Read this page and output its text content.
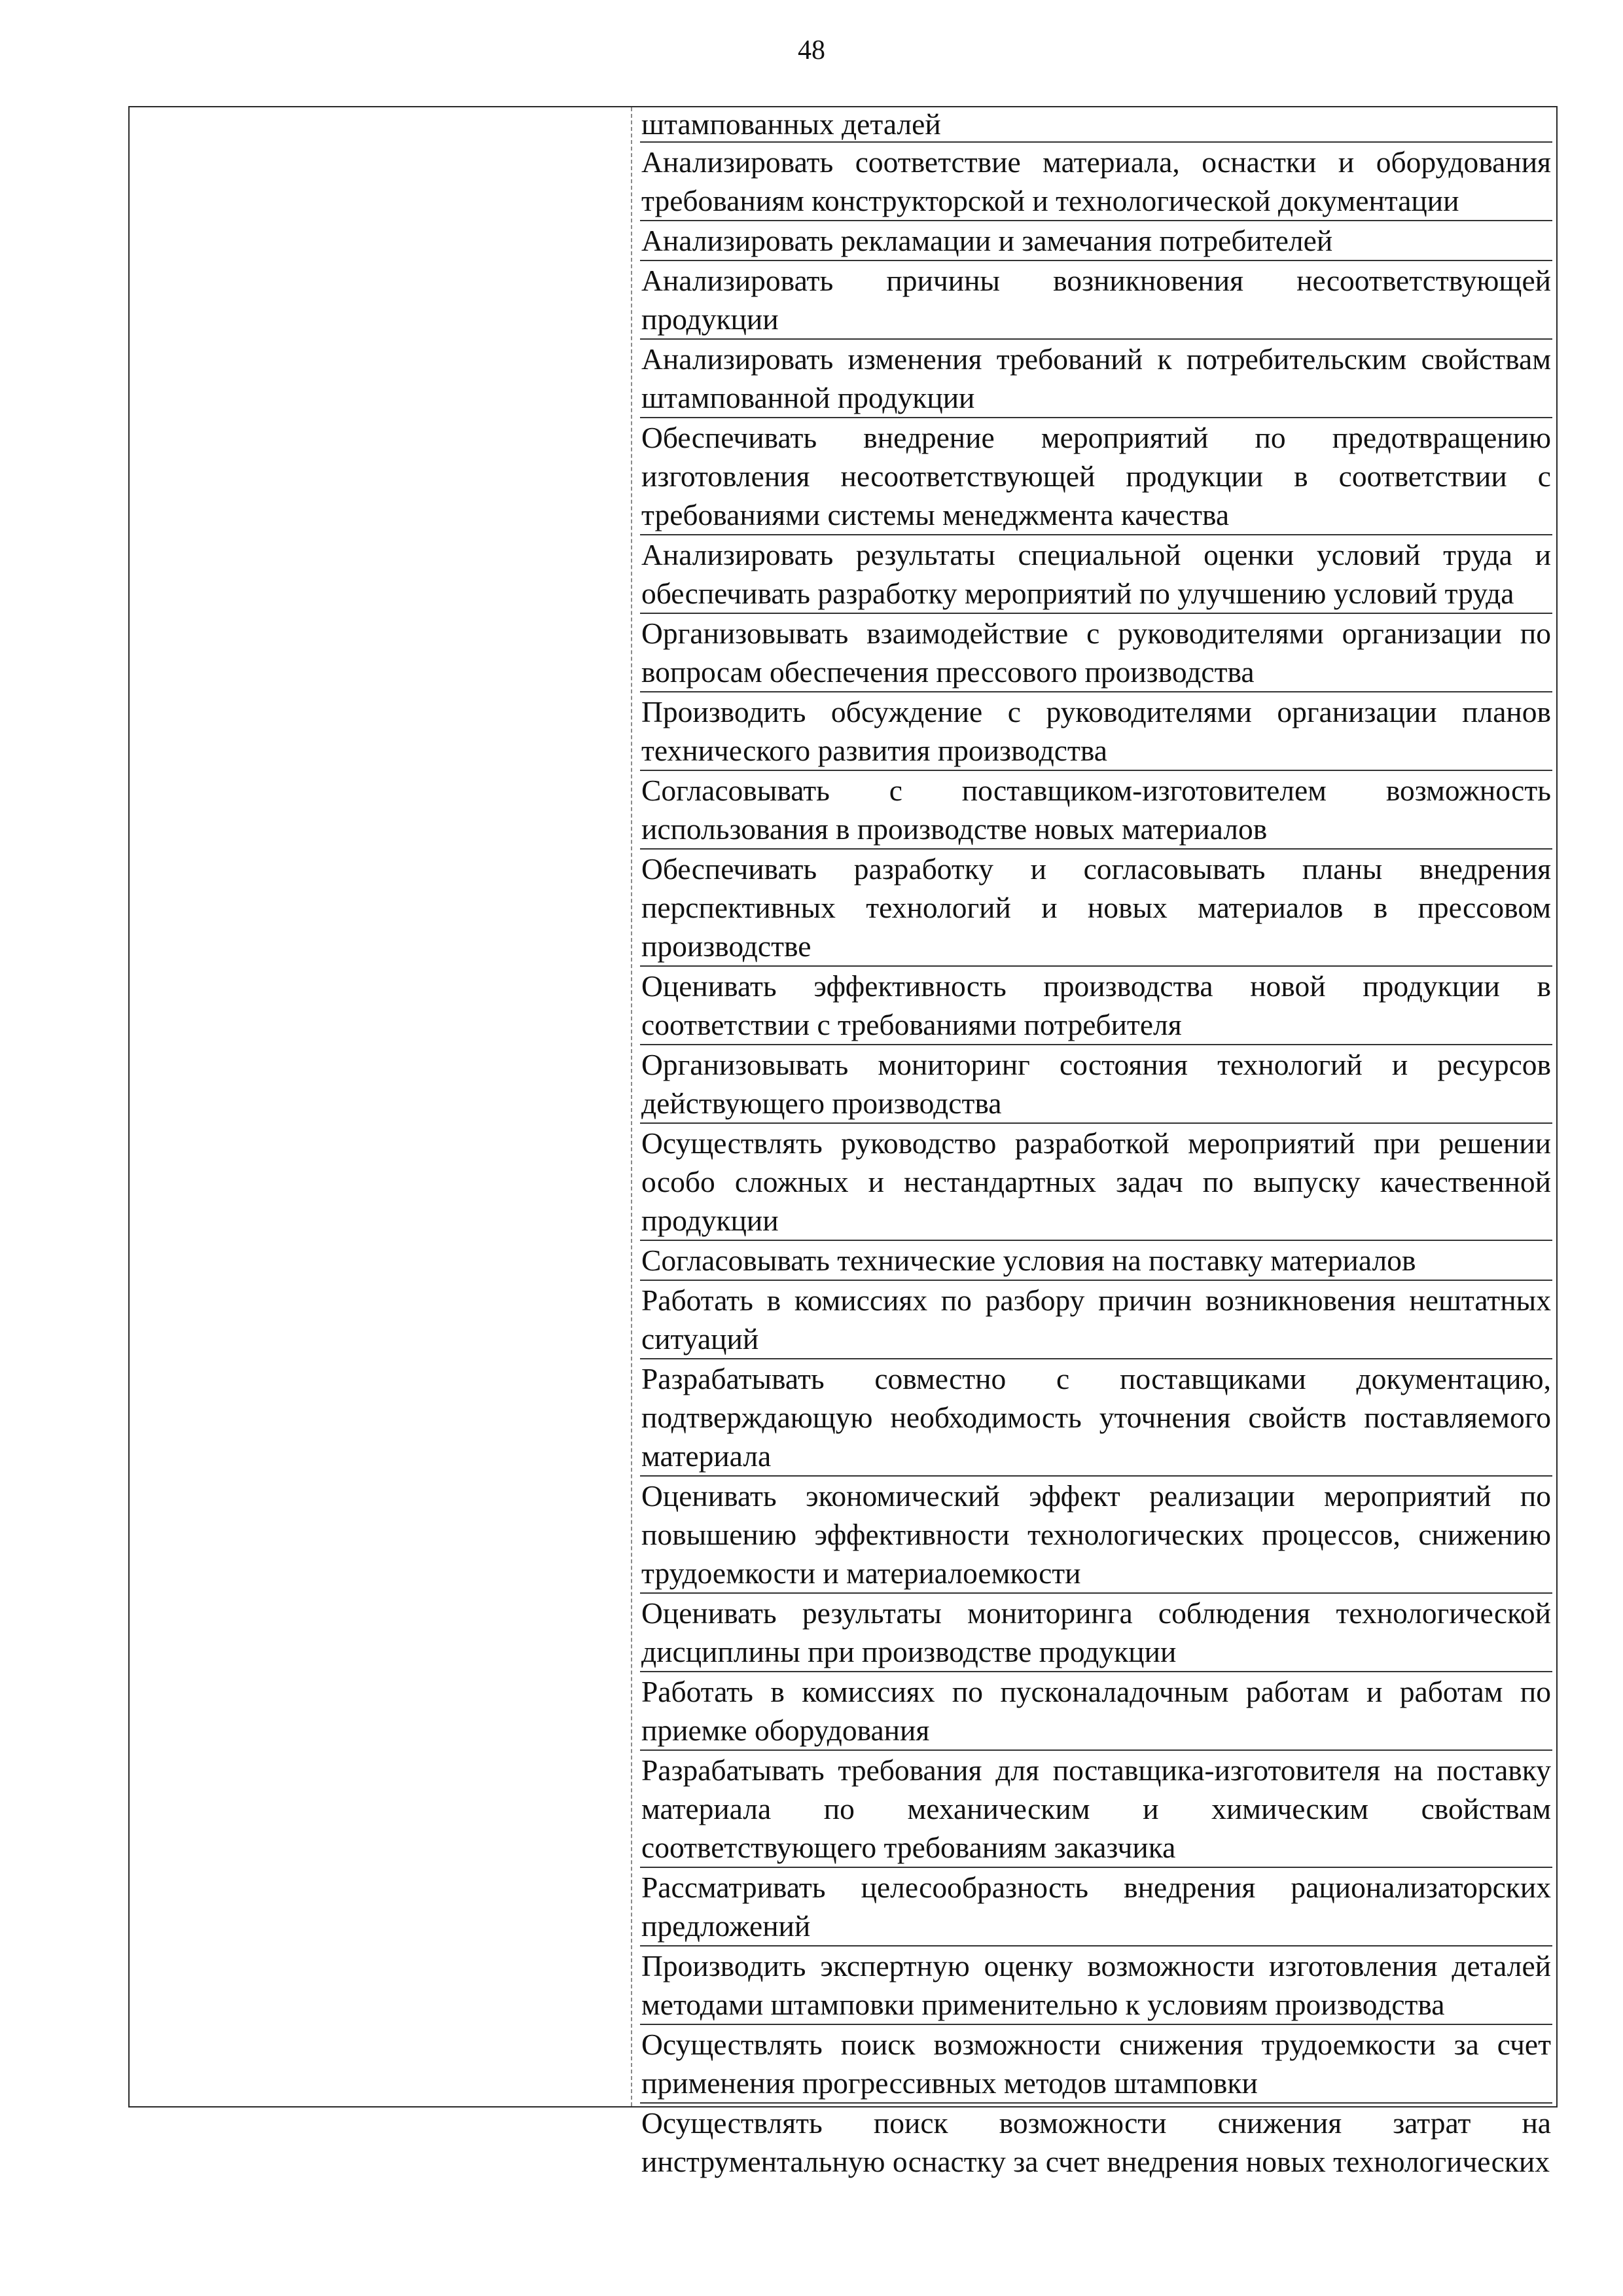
48
штампованных деталей
Анализировать соответствие материала, оснастки и оборудования требованиям конструкторской и технологической документации
Анализировать рекламации и замечания потребителей
Анализировать причины возникновения несоответствующей продукции
Анализировать изменения требований к потребительским свойствам штампованной продукции
Обеспечивать внедрение мероприятий по предотвращению изготовления несоответствующей продукции в соответствии с требованиями системы менеджмента качества
Анализировать результаты специальной оценки условий труда и обеспечивать разработку мероприятий по улучшению условий труда
Организовывать взаимодействие с руководителями организации по вопросам обеспечения прессового производства
Производить обсуждение с руководителями организации планов технического развития производства
Согласовывать с поставщиком-изготовителем возможность использования в производстве новых материалов
Обеспечивать разработку и согласовывать планы внедрения перспективных технологий и новых материалов в прессовом производстве
Оценивать эффективность производства новой продукции в соответствии с требованиями потребителя
Организовывать мониторинг состояния технологий и ресурсов действующего производства
Осуществлять руководство разработкой мероприятий при решении особо сложных и нестандартных задач по выпуску качественной продукции
Согласовывать технические условия на поставку материалов
Работать в комиссиях по разбору причин возникновения нештатных ситуаций
Разрабатывать совместно с поставщиками документацию, подтверждающую необходимость уточнения свойств поставляемого материала
Оценивать экономический эффект реализации мероприятий по повышению эффективности технологических процессов, снижению трудоемкости и материалоемкости
Оценивать результаты мониторинга соблюдения технологической дисциплины при производстве продукции
Работать в комиссиях по пусконаладочным работам и работам по приемке оборудования
Разрабатывать требования для поставщика-изготовителя на поставку материала по механическим и химическим свойствам соответствующего требованиям заказчика
Рассматривать целесообразность внедрения рационализаторских предложений
Производить экспертную оценку возможности изготовления деталей методами штамповки применительно к условиям производства
Осуществлять поиск возможности снижения трудоемкости за счет применения прогрессивных методов штамповки
Осуществлять поиск возможности снижения затрат на инструментальную оснастку за счет внедрения новых технологических
